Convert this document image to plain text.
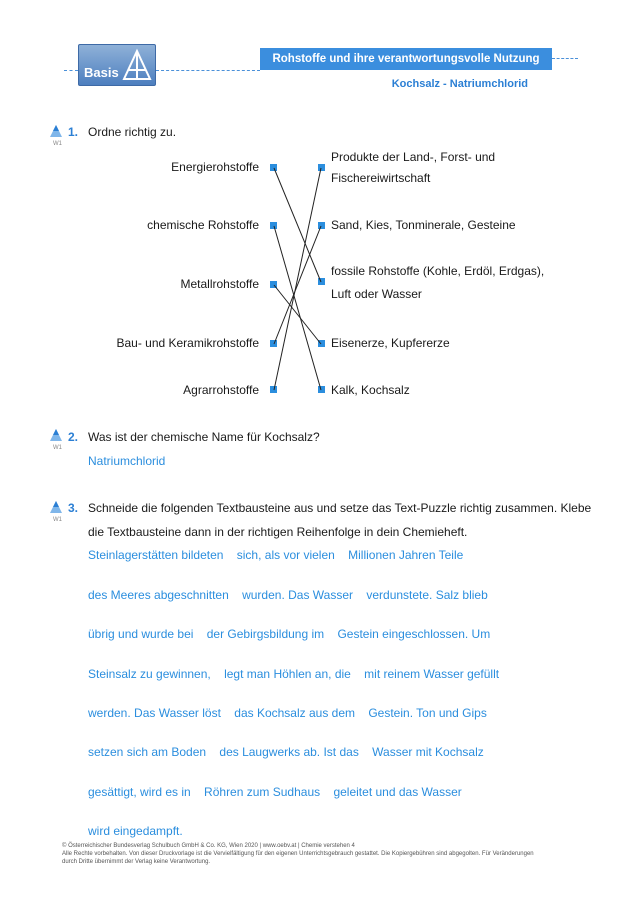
Basis
Rohstoffe und ihre verantwortungsvolle Nutzung
Kochsalz - Natriumchlorid
W1
1. Ordne richtig zu.
Energierohstoffe
chemische Rohstoffe
Metallrohstoffe
Bau- und Keramikrohstoffe
Agrarrohstoffe
Produkte der Land-, Forst- und
Fischereiwirtschaft
Sand, Kies, Tonminerale, Gesteine
fossile Rohstoffe (Kohle, Erdöl, Erdgas),
Luft oder Wasser
Eisenerze, Kupfererze
Kalk, Kochsalz
W1
2. Was ist der chemische Name für Kochsalz?
Natriumchlorid
W1
3. Schneide die folgenden Textbausteine aus und setze das Text-Puzzle richtig zusammen. Klebe
die Textbausteine dann in der richtigen Reihenfolge in dein Chemieheft.
Steinlagerstätten bildeten    sich, als vor vielen    Millionen Jahren Teile
des Meeres abgeschnitten    wurden. Das Wasser    verdunstete. Salz blieb
übrig und wurde bei    der Gebirgsbildung im    Gestein eingeschlossen. Um
Steinsalz zu gewinnen,    legt man Höhlen an, die    mit reinem Wasser gefüllt
werden. Das Wasser löst    das Kochsalz aus dem    Gestein. Ton und Gips
setzen sich am Boden    des Laugwerks ab. Ist das    Wasser mit Kochsalz
gesättigt, wird es in    Röhren zum Sudhaus    geleitet und das Wasser
wird eingedampft.
© Österreichischer Bundesverlag Schulbuch GmbH & Co. KG, Wien 2020 | www.oebv.at | Chemie verstehen 4
Alle Rechte vorbehalten. Von dieser Druckvorlage ist die Vervielfältigung für den eigenen Unterrichtsgebrauch gestattet. Die Kopiergebühren sind abgegolten. Für Veränderungen
durch Dritte übernimmt der Verlag keine Verantwortung.
